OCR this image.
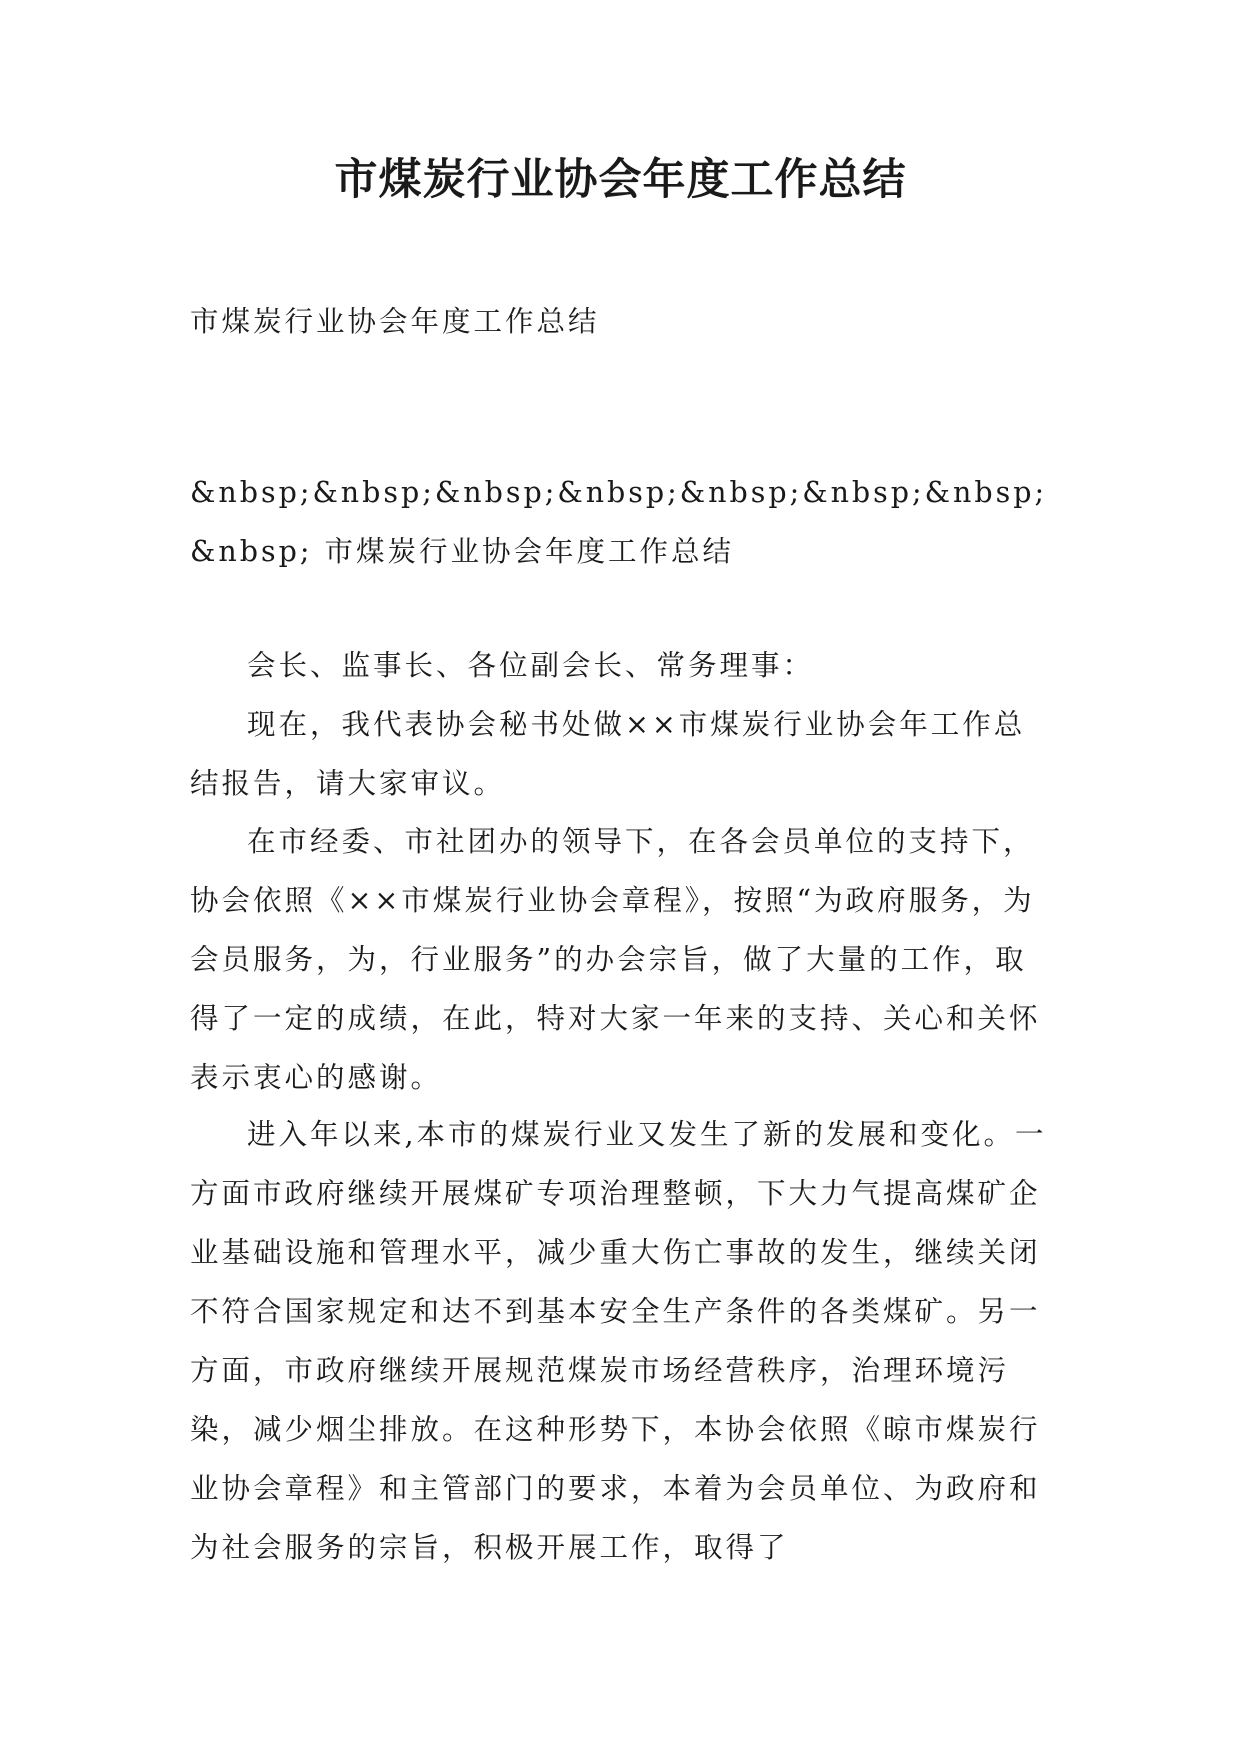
市煤炭行业协会年度工作总结
市煤炭行业协会年度工作总结
&nbsp;&nbsp;&nbsp;&nbsp;&nbsp;&nbsp;&nbsp;&nbsp; 市煤炭行业协会年度工作总结
会长、监事长、各位副会长、常务理事：
现在，我代表协会秘书处做××市煤炭行业协会年工作总结报告，请大家审议。
在市经委、市社团办的领导下，在各会员单位的支持下，协会依照《××市煤炭行业协会章程》，按照“为政府服务，为会员服务，为，行业服务”的办会宗旨，做了大量的工作，取得了一定的成绩，在此，特对大家一年来的支持、关心和关怀表示衷心的感谢。
进入年以来,本市的煤炭行业又发生了新的发展和变化。一方面市政府继续开展煤矿专项治理整顿，下大力气提高煤矿企业基础设施和管理水平，减少重大伤亡事故的发生，继续关闭不符合国家规定和达不到基本安全生产条件的各类煤矿。另一方面，市政府继续开展规范煤炭市场经营秩序，治理环境污染，减少烟尘排放。在这种形势下，本协会依照《晾市煤炭行业协会章程》和主管部门的要求，本着为会员单位、为政府和为社会服务的宗旨，积极开展工作，取得了
